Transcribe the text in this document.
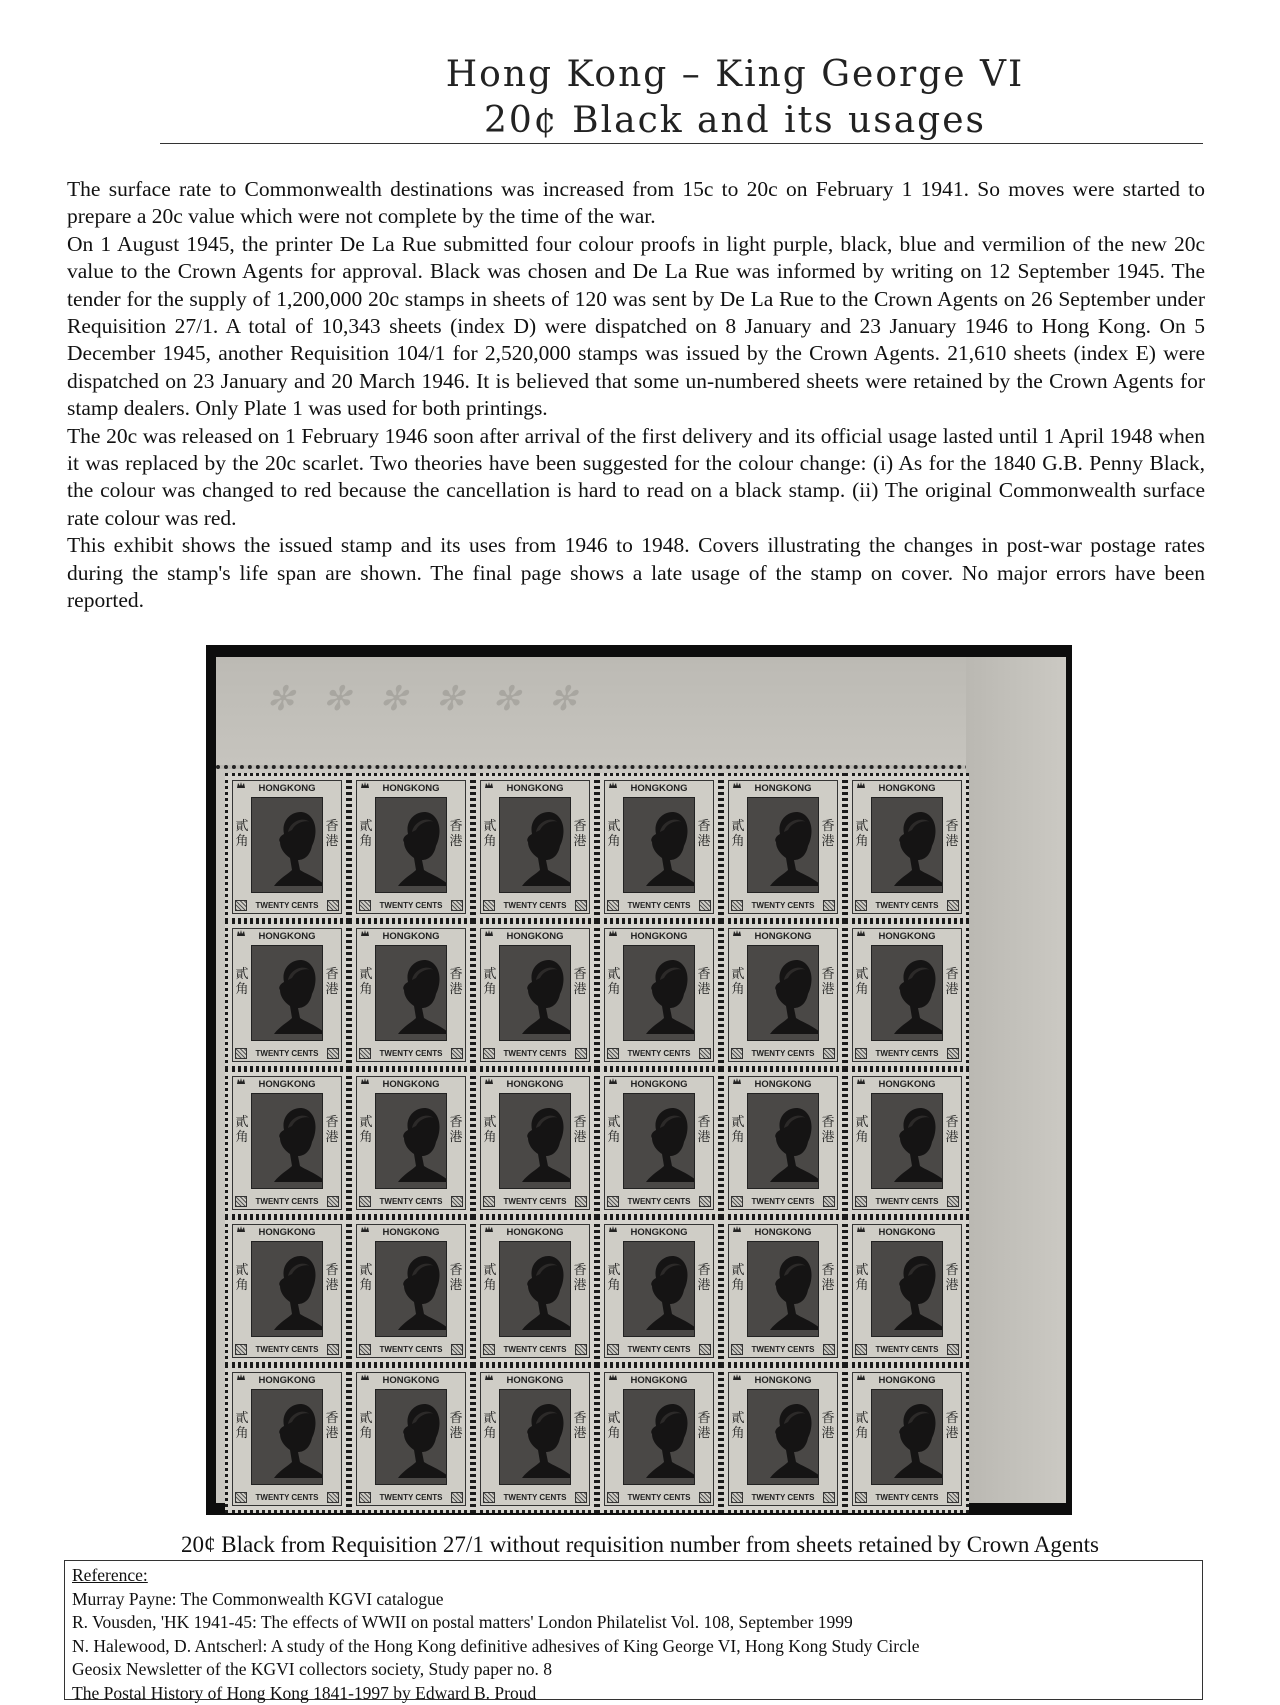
Hong Kong – King George VI
20¢ Black and its usages

The surface rate to Commonwealth destinations was increased from 15c to 20c on February 1 1941. So moves were started to prepare a 20c value which were not complete by the time of the war.

On 1 August 1945, the printer De La Rue submitted four colour proofs in light purple, black, blue and vermilion of the new 20c value to the Crown Agents for approval. Black was chosen and De La Rue was informed by writing on 12 September 1945. The tender for the supply of 1,200,000 20c stamps in sheets of 120 was sent by De La Rue to the Crown Agents on 26 September under Requisition 27/1. A total of 10,343 sheets (index D) were dispatched on 8 January and 23 January 1946 to Hong Kong. On 5 December 1945, another Requisition 104/1 for 2,520,000 stamps was issued by the Crown Agents. 21,610 sheets (index E) were dispatched on 23 January and 20 March 1946. It is believed that some un-numbered sheets were retained by the Crown Agents for stamp dealers. Only Plate 1 was used for both printings.

The 20c was released on 1 February 1946 soon after arrival of the first delivery and its official usage lasted until 1 April 1948 when it was replaced by the 20c scarlet. Two theories have been suggested for the colour change: (i) As for the 1840 G.B. Penny Black, the colour was changed to red because the cancellation is hard to read on a black stamp. (ii) The original Commonwealth surface rate colour was red.

This exhibit shows the issued stamp and its uses from 1946 to 1948. Covers illustrating the changes in post-war postage rates during the stamp's life span are shown. The final page shows a late usage of the stamp on cover. No major errors have been reported.

✻✻✻✻✻✻
HONGKONG
貳角
香港
TWENTY CENTS
HONGKONG
貳角
香港
TWENTY CENTS
HONGKONG
貳角
香港
TWENTY CENTS
HONGKONG
貳角
香港
TWENTY CENTS
HONGKONG
貳角
香港
TWENTY CENTS
HONGKONG
貳角
香港
TWENTY CENTS
HONGKONG
貳角
香港
TWENTY CENTS
HONGKONG
貳角
香港
TWENTY CENTS
HONGKONG
貳角
香港
TWENTY CENTS
HONGKONG
貳角
香港
TWENTY CENTS
HONGKONG
貳角
香港
TWENTY CENTS
HONGKONG
貳角
香港
TWENTY CENTS
HONGKONG
貳角
香港
TWENTY CENTS
HONGKONG
貳角
香港
TWENTY CENTS
HONGKONG
貳角
香港
TWENTY CENTS
HONGKONG
貳角
香港
TWENTY CENTS
HONGKONG
貳角
香港
TWENTY CENTS
HONGKONG
貳角
香港
TWENTY CENTS
HONGKONG
貳角
香港
TWENTY CENTS
HONGKONG
貳角
香港
TWENTY CENTS
HONGKONG
貳角
香港
TWENTY CENTS
HONGKONG
貳角
香港
TWENTY CENTS
HONGKONG
貳角
香港
TWENTY CENTS
HONGKONG
貳角
香港
TWENTY CENTS
HONGKONG
貳角
香港
TWENTY CENTS
HONGKONG
貳角
香港
TWENTY CENTS
HONGKONG
貳角
香港
TWENTY CENTS
HONGKONG
貳角
香港
TWENTY CENTS
HONGKONG
貳角
香港
TWENTY CENTS
HONGKONG
貳角
香港
TWENTY CENTS
20¢ Black from Requisition 27/1 without requisition number from sheets retained by Crown Agents

Reference:

Murray Payne: The Commonwealth KGVI catalogue

R. Vousden, 'HK 1941-45: The effects of WWII on postal matters' London Philatelist Vol. 108, September 1999

N. Halewood, D. Antscherl: A study of the Hong Kong definitive adhesives of King George VI, Hong Kong Study Circle

Geosix Newsletter of the KGVI collectors society, Study paper no. 8

The Postal History of Hong Kong 1841-1997 by Edward B. Proud
